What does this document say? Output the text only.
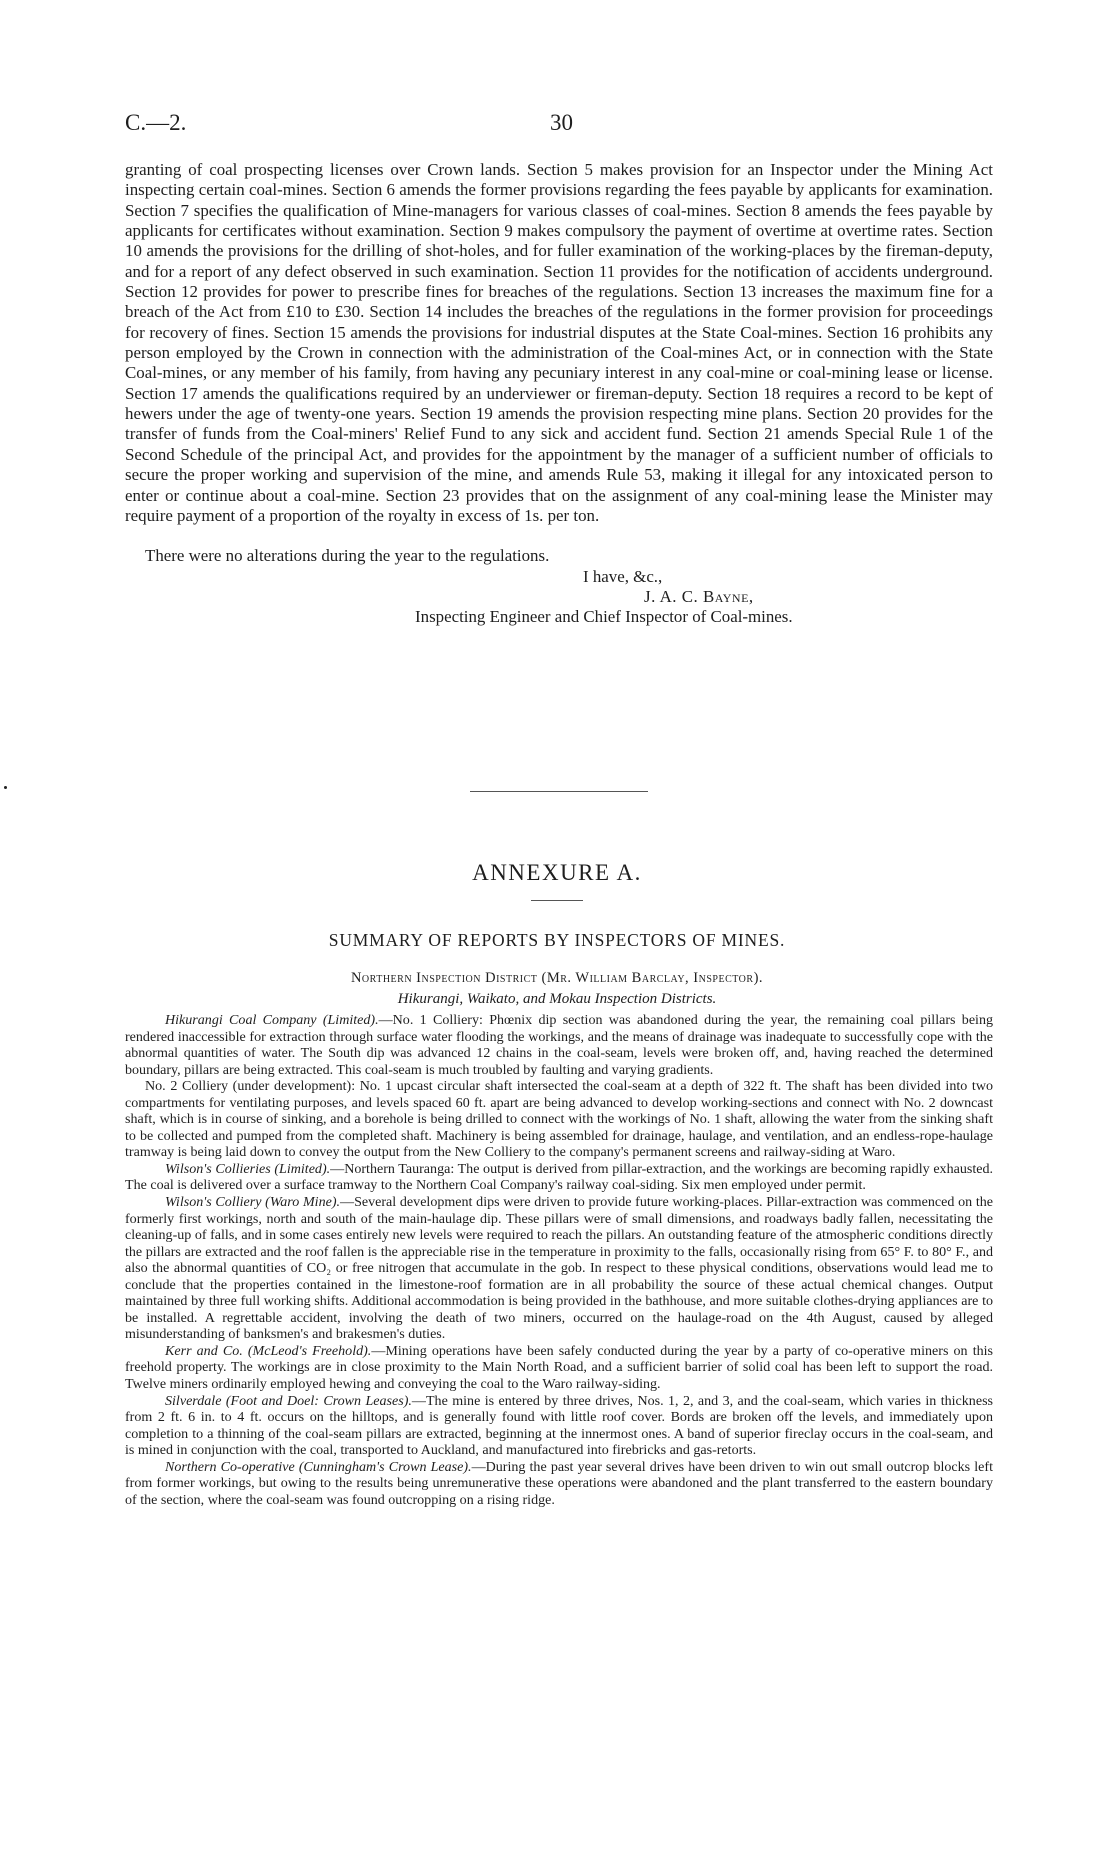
C.—2.	30

granting of coal prospecting licenses over Crown lands. Section 5 makes provision for an Inspector under the Mining Act inspecting certain coal-mines. Section 6 amends the former provisions regarding the fees payable by applicants for examination. Section 7 specifies the qualification of Mine-managers for various classes of coal-mines. Section 8 amends the fees payable by applicants for certificates without examination. Section 9 makes compulsory the payment of overtime at overtime rates. Section 10 amends the provisions for the drilling of shot-holes, and for fuller examination of the working-places by the fireman-deputy, and for a report of any defect observed in such examination. Section 11 provides for the notification of accidents underground. Section 12 provides for power to prescribe fines for breaches of the regulations. Section 13 increases the maximum fine for a breach of the Act from £10 to £30. Section 14 includes the breaches of the regulations in the former provision for proceedings for recovery of fines. Section 15 amends the provisions for industrial disputes at the State Coal-mines. Section 16 prohibits any person employed by the Crown in connection with the administration of the Coal-mines Act, or in connection with the State Coal-mines, or any member of his family, from having any pecuniary interest in any coal-mine or coal-mining lease or license. Section 17 amends the qualifications required by an underviewer or fireman-deputy. Section 18 requires a record to be kept of hewers under the age of twenty-one years. Section 19 amends the provision respecting mine plans. Section 20 provides for the transfer of funds from the Coal-miners' Relief Fund to any sick and accident fund. Section 21 amends Special Rule 1 of the Second Schedule of the principal Act, and provides for the appointment by the manager of a sufficient number of officials to secure the proper working and supervision of the mine, and amends Rule 53, making it illegal for any intoxicated person to enter or continue about a coal-mine. Section 23 provides that on the assignment of any coal-mining lease the Minister may require payment of a proportion of the royalty in excess of 1s. per ton.

There were no alterations during the year to the regulations.

I have, &c.,
J. A. C. Bayne,
Inspecting Engineer and Chief Inspector of Coal-mines.
ANNEXURE A.
SUMMARY OF REPORTS BY INSPECTORS OF MINES.
Northern Inspection District (Mr. William Barclay, Inspector).
Hikurangi, Waikato, and Mokau Inspection Districts.

Hikurangi Coal Company (Limited).—No. 1 Colliery: Phœnix dip section was abandoned during the year, the remaining coal pillars being rendered inaccessible for extraction through surface water flooding the workings, and the means of drainage was inadequate to successfully cope with the abnormal quantities of water. The South dip was advanced 12 chains in the coal-seam, levels were broken off, and, having reached the determined boundary, pillars are being extracted. This coal-seam is much troubled by faulting and varying gradients.

No. 2 Colliery (under development): No. 1 upcast circular shaft intersected the coal-seam at a depth of 322 ft. The shaft has been divided into two compartments for ventilating purposes, and levels spaced 60 ft. apart are being advanced to develop working-sections and connect with No. 2 downcast shaft, which is in course of sinking, and a borehole is being drilled to connect with the workings of No. 1 shaft, allowing the water from the sinking shaft to be collected and pumped from the completed shaft. Machinery is being assembled for drainage, haulage, and ventilation, and an endless-rope-haulage tramway is being laid down to convey the output from the New Colliery to the company's permanent screens and railway-siding at Waro.

Wilson's Collieries (Limited).—Northern Tauranga: The output is derived from pillar-extraction, and the workings are becoming rapidly exhausted. The coal is delivered over a surface tramway to the Northern Coal Company's railway coal-siding. Six men employed under permit.

Wilson's Colliery (Waro Mine).—Several development dips were driven to provide future working-places. Pillar-extraction was commenced on the formerly first workings, north and south of the main-haulage dip. These pillars were of small dimensions, and roadways badly fallen, necessitating the cleaning-up of falls, and in some cases entirely new levels were required to reach the pillars. An outstanding feature of the atmospheric conditions directly the pillars are extracted and the roof fallen is the appreciable rise in the temperature in proximity to the falls, occasionally rising from 65° F. to 80° F., and also the abnormal quantities of CO₂ or free nitrogen that accumulate in the gob. In respect to these physical conditions, observations would lead me to conclude that the properties contained in the limestone-roof formation are in all probability the source of these actual chemical changes. Output maintained by three full working shifts. Additional accommodation is being provided in the bathhouse, and more suitable clothes-drying appliances are to be installed. A regrettable accident, involving the death of two miners, occurred on the haulage-road on the 4th August, caused by alleged misunderstanding of banksmen's and brakesmen's duties.

Kerr and Co. (McLeod's Freehold).—Mining operations have been safely conducted during the year by a party of co-operative miners on this freehold property. The workings are in close proximity to the Main North Road, and a sufficient barrier of solid coal has been left to support the road. Twelve miners ordinarily employed hewing and conveying the coal to the Waro railway-siding.

Silverdale (Foot and Doel: Crown Leases).—The mine is entered by three drives, Nos. 1, 2, and 3, and the coal-seam, which varies in thickness from 2 ft. 6 in. to 4 ft. occurs on the hilltops, and is generally found with little roof cover. Bords are broken off the levels, and immediately upon completion to a thinning of the coal-seam pillars are extracted, beginning at the innermost ones. A band of superior fireclay occurs in the coal-seam, and is mined in conjunction with the coal, transported to Auckland, and manufactured into firebricks and gas-retorts.

Northern Co-operative (Cunningham's Crown Lease).—During the past year several drives have been driven to win out small outcrop blocks left from former workings, but owing to the results being unremunerative these operations were abandoned and the plant transferred to the eastern boundary of the section, where the coal-seam was found outcropping on a rising ridge.
